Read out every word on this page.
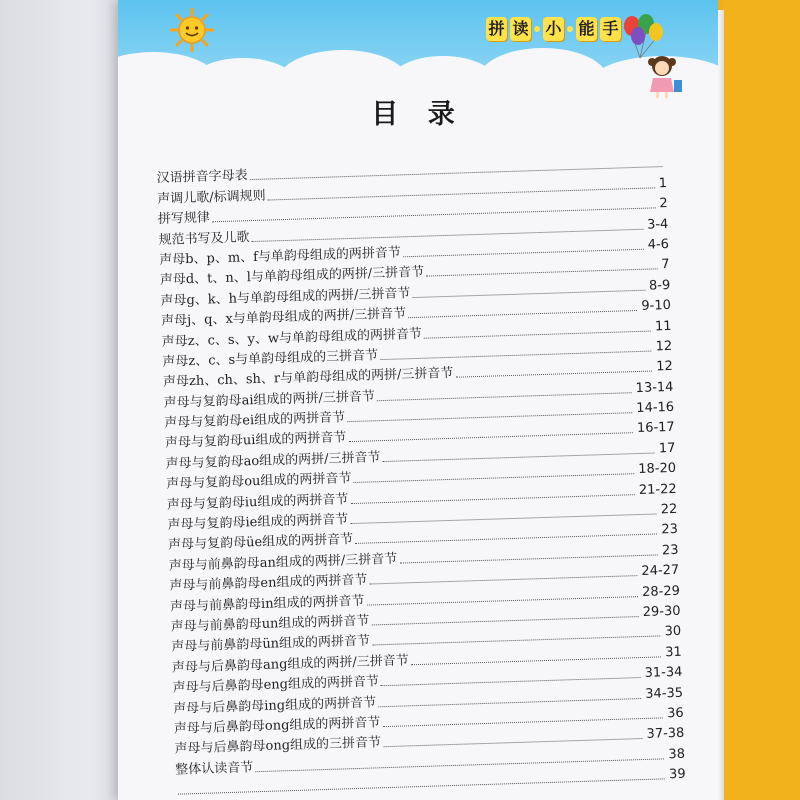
拼 读 小 能 手
目 录
汉语拼音字母表
声调儿歌/标调规则
1
拼写规律
2
规范书写及儿歌
3-4
声母b、p、m、f与单韵母组成的两拼音节
4-6
声母d、t、n、l与单韵母组成的两拼/三拼音节
7
声母g、k、h与单韵母组成的两拼/三拼音节
8-9
声母j、q、x与单韵母组成的两拼/三拼音节
9-10
声母z、c、s、y、w与单韵母组成的两拼音节
11
声母z、c、s与单韵母组成的三拼音节
12
声母zh、ch、sh、r与单韵母组成的两拼/三拼音节	12
声母与复韵母ai组成的两拼/三拼音节
13-14
声母与复韵母ei组成的两拼音节
14-16
声母与复韵母ui组成的两拼音节
16-17
声母与复韵母ao组成的两拼/三拼音节
17
声母与复韵母ou组成的两拼音节
18-20
声母与复韵母iu组成的两拼音节
21-22
声母与复韵母ie组成的两拼音节
22
声母与复韵母üe组成的两拼音节
23
声母与前鼻韵母an组成的两拼/三拼音节
23
声母与前鼻韵母en组成的两拼音节
24-27
声母与前鼻韵母in组成的两拼音节
28-29
声母与前鼻韵母un组成的两拼音节
29-30
声母与前鼻韵母ün组成的两拼音节
30
声母与后鼻韵母ang组成的两拼/三拼音节
31
声母与后鼻韵母eng组成的两拼音节
31-34
声母与后鼻韵母ing组成的两拼音节
34-35
声母与后鼻韵母ong组成的两拼音节
36
声母与后鼻韵母ong组成的三拼音节
37-38
整体认读音节
38
39
